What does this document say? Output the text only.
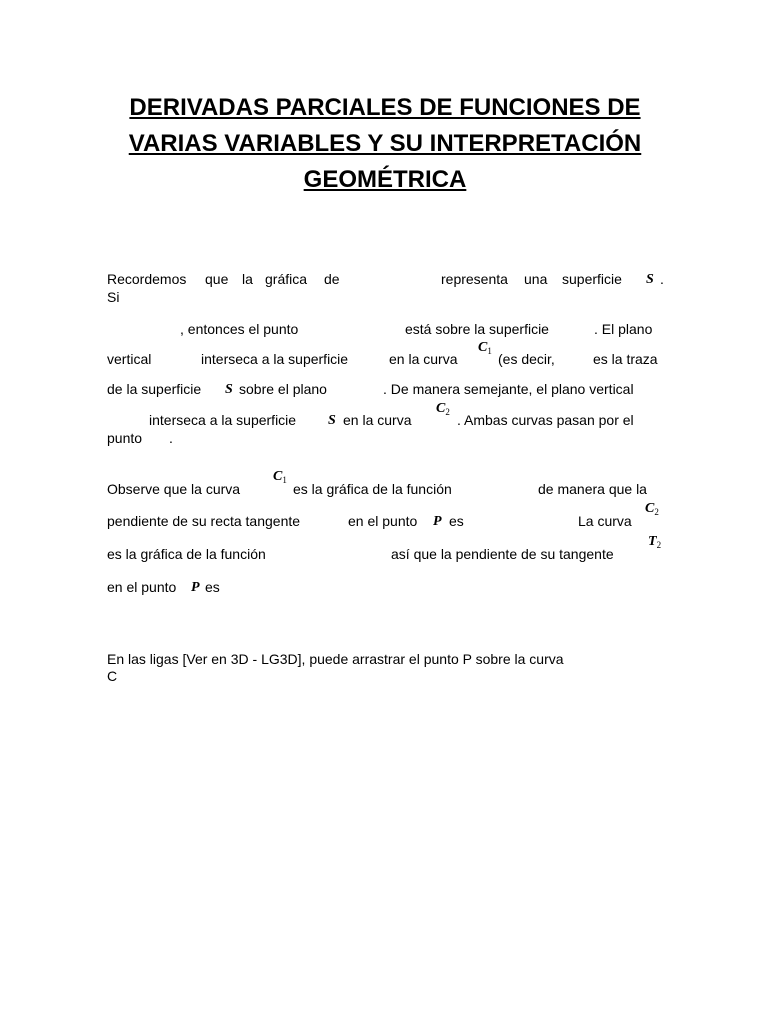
DERIVADAS PARCIALES DE FUNCIONES DE
VARIAS VARIABLES Y SU INTERPRETACIÓN
GEOMÉTRICA
Recordemos que la gráfica de	representa una superficie S .
Si
, entonces el punto	está sobre la superficie	. El plano
vertical	interseca a la superficie	en la curva
$C_1$ (es decir,	es la traza
de la superficie S sobre el plano	. De manera semejante, el plano vertical
interseca a la superficie S en la curva
$C_2$ . Ambas curvas pasan por el
punto .
Observe que la curva
$C_1$
es la gráfica de la función	de manera que la
pendiente de su recta tangente	en el punto P es	La curva
$C_2$
$T_2$
es la gráfica de la función	así que la pendiente de su tangente
en el punto P es
En las ligas [Ver en 3D - LG3D], puede arrastrar el punto P sobre la curva
C
